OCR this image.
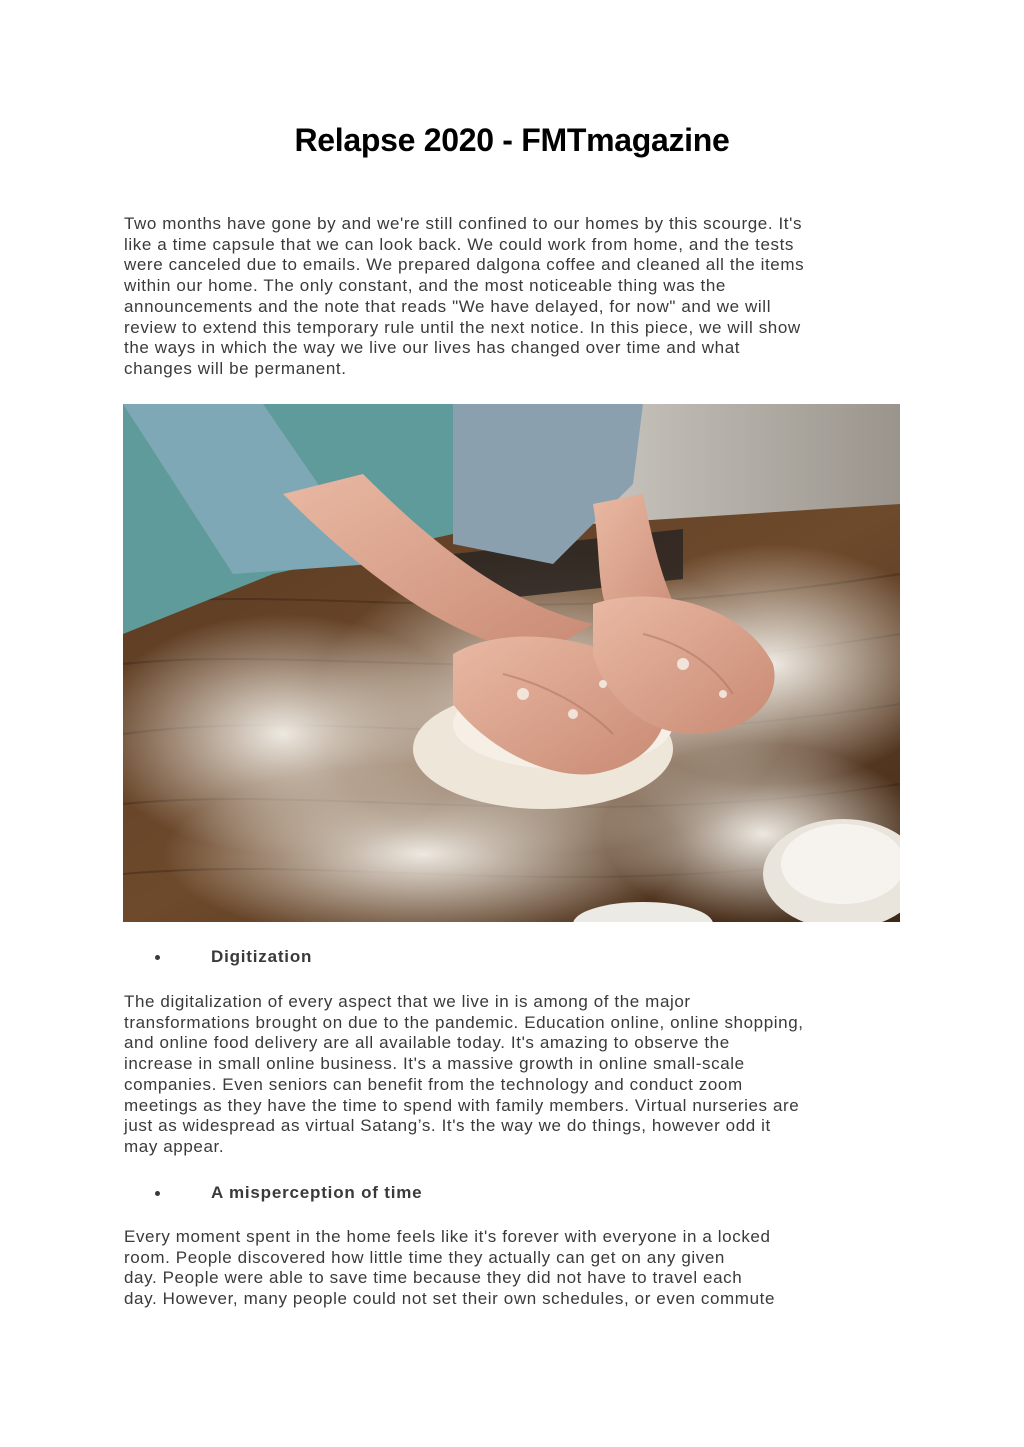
Relapse 2020 - FMTmagazine

Two months have gone by and we're still confined to our homes by this scourge. It's
like a time capsule that we can look back. We could work from home, and the tests
were canceled due to emails. We prepared dalgona coffee and cleaned all the items
within our home. The only constant, and the most noticeable thing was the
announcements and the note that reads "We have delayed, for now" and we will
review to extend this temporary rule until the next notice. In this piece, we will show
the ways in which the way we live our lives has changed over time and what
changes will be permanent.

Digitization

The digitalization of every aspect that we live in is among of the major
transformations brought on due to the pandemic. Education online, online shopping,
and online food delivery are all available today. It's amazing to observe the
increase in small online business. It's a massive growth in online small-scale
companies. Even seniors can benefit from the technology and conduct zoom
meetings as they have the time to spend with family members. Virtual nurseries are
just as widespread as virtual Satang’s. It's the way we do things, however odd it
may appear.

A misperception of time

Every moment spent in the home feels like it's forever with everyone in a locked
room. People discovered how little time they actually can get on any given
day. People were able to save time because they did not have to travel each
day. However, many people could not set their own schedules, or even commute
